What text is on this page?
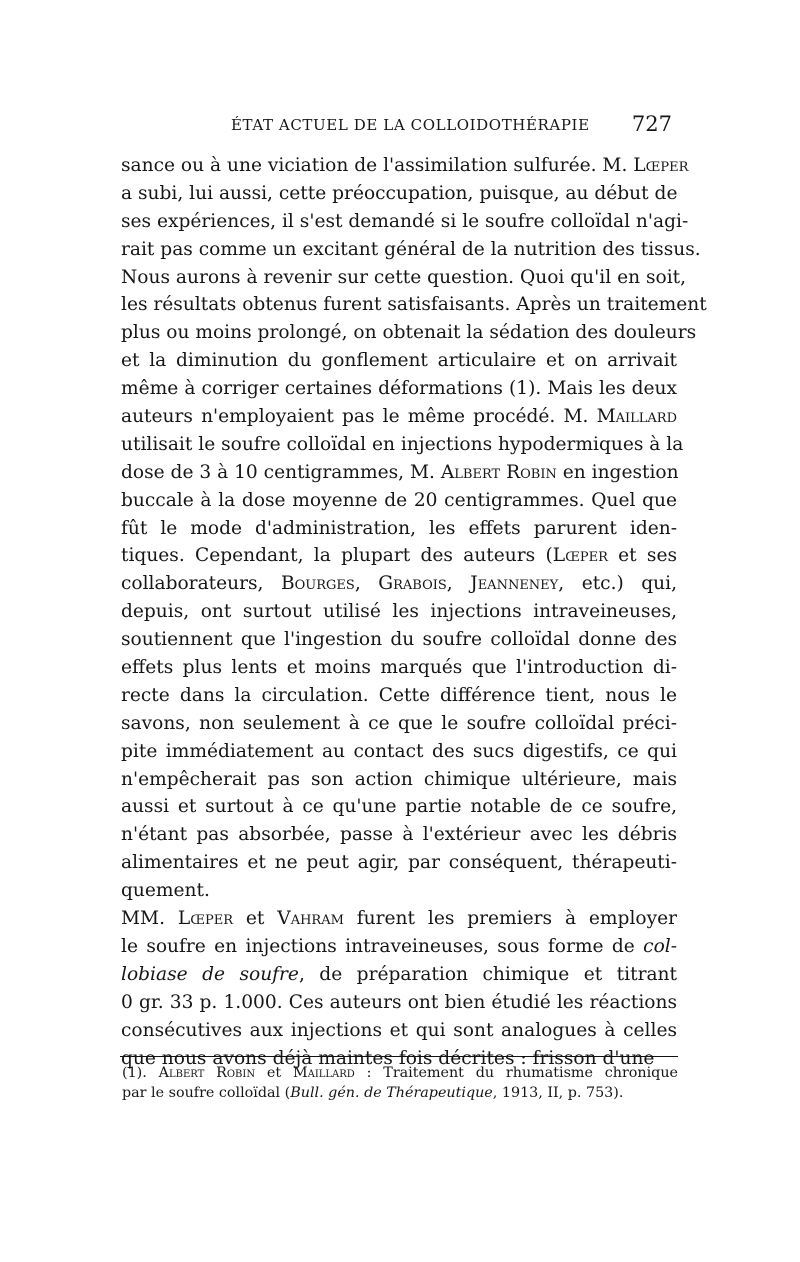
ÉTAT ACTUEL DE LA COLLOIDOTHÉRAPIE 727
sance ou à une viciation de l'assimilation sulfurée. M. Lœper
a subi, lui aussi, cette préoccupation, puisque, au début de
ses expériences, il s'est demandé si le soufre colloïdal n'agi-
rait pas comme un excitant général de la nutrition des tissus.
Nous aurons à revenir sur cette question. Quoi qu'il en soit,
les résultats obtenus furent satisfaisants. Après un traitement
plus ou moins prolongé, on obtenait la sédation des douleurs
et la diminution du gonflement articulaire et on arrivait
même à corriger certaines déformations (1). Mais les deux
auteurs n'employaient pas le même procédé. M. Maillard
utilisait le soufre colloïdal en injections hypodermiques à la
dose de 3 à 10 centigrammes, M. Albert Robin en ingestion
buccale à la dose moyenne de 20 centigrammes. Quel que
fût le mode d'administration, les effets parurent iden-
tiques. Cependant, la plupart des auteurs (Lœper et ses
collaborateurs, Bourges, Grabois, Jeanneney, etc.) qui,
depuis, ont surtout utilisé les injections intraveineuses,
soutiennent que l'ingestion du soufre colloïdal donne des
effets plus lents et moins marqués que l'introduction di-
recte dans la circulation. Cette différence tient, nous le
savons, non seulement à ce que le soufre colloïdal préci-
pite immédiatement au contact des sucs digestifs, ce qui
n'empêcherait pas son action chimique ultérieure, mais
aussi et surtout à ce qu'une partie notable de ce soufre,
n'étant pas absorbée, passe à l'extérieur avec les débris
alimentaires et ne peut agir, par conséquent, thérapeuti-
quement.
MM. Lœper et Vahram furent les premiers à employer
le soufre en injections intraveineuses, sous forme de col-
lobiase de soufre, de préparation chimique et titrant
0 gr. 33 p. 1.000. Ces auteurs ont bien étudié les réactions
consécutives aux injections et qui sont analogues à celles
que nous avons déjà maintes fois décrites : frisson d'une
(1). Albert Robin et Maillard : Traitement du rhumatisme chronique
par le soufre colloïdal (Bull. gén. de Thérapeutique, 1913, II, p. 753).
